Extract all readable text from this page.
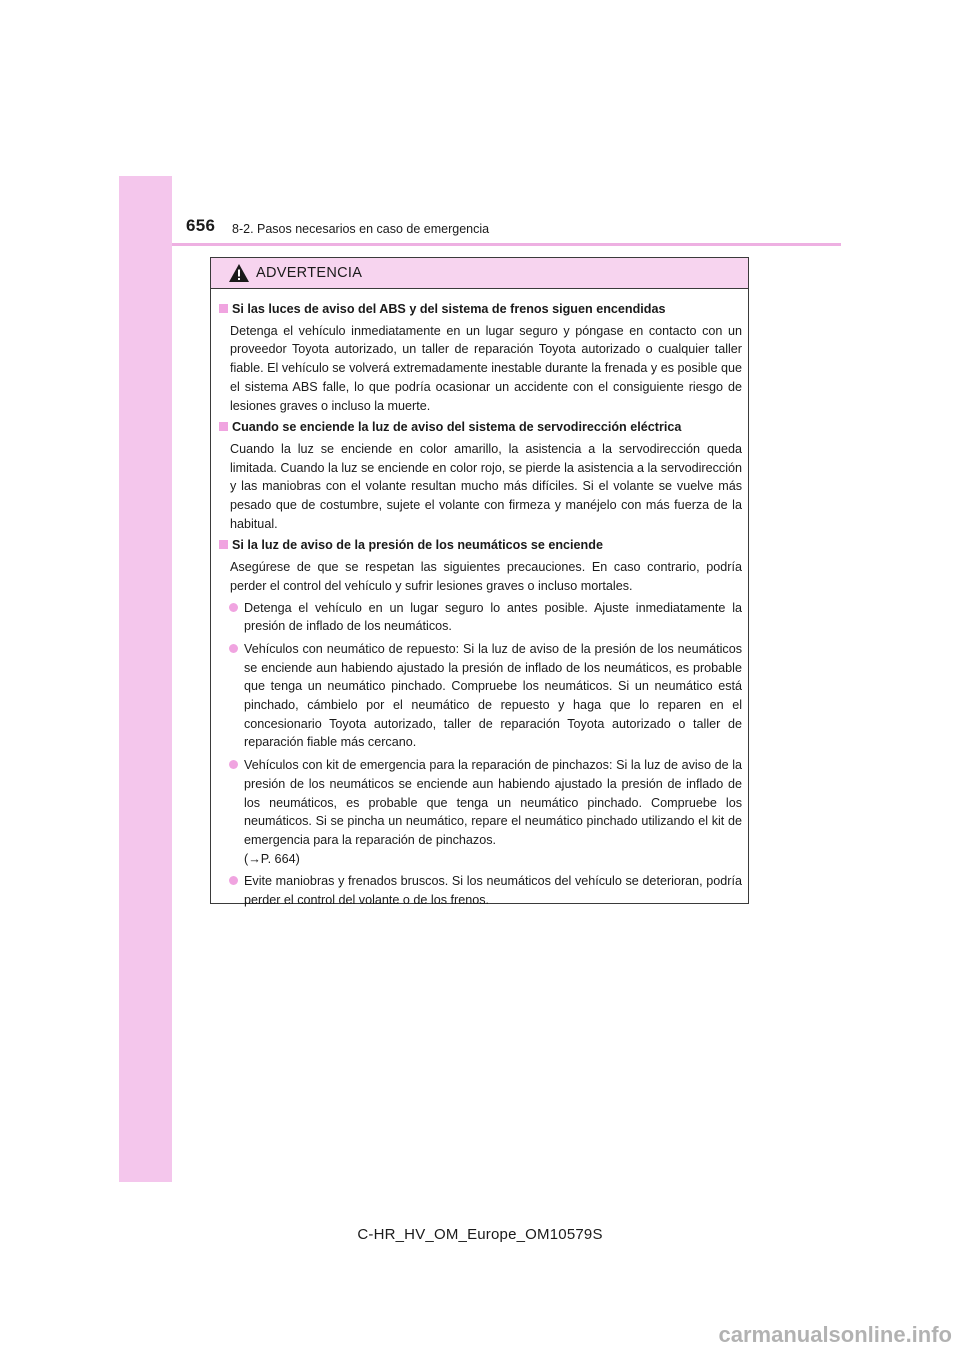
656 8-2. Pasos necesarios en caso de emergencia
ADVERTENCIA
Si las luces de aviso del ABS y del sistema de frenos siguen encendidas
Detenga el vehículo inmediatamente en un lugar seguro y póngase en contacto con un proveedor Toyota autorizado, un taller de reparación Toyota autorizado o cualquier taller fiable. El vehículo se volverá extremadamente inestable durante la frenada y es posible que el sistema ABS falle, lo que podría ocasionar un accidente con el consiguiente riesgo de lesiones graves o incluso la muerte.
Cuando se enciende la luz de aviso del sistema de servodirección eléctrica
Cuando la luz se enciende en color amarillo, la asistencia a la servodirección queda limitada. Cuando la luz se enciende en color rojo, se pierde la asistencia a la servodirección y las maniobras con el volante resultan mucho más difíciles. Si el volante se vuelve más pesado que de costumbre, sujete el volante con firmeza y manéjelo con más fuerza de la habitual.
Si la luz de aviso de la presión de los neumáticos se enciende
Asegúrese de que se respetan las siguientes precauciones. En caso contrario, podría perder el control del vehículo y sufrir lesiones graves o incluso mortales.
Detenga el vehículo en un lugar seguro lo antes posible. Ajuste inmediatamente la presión de inflado de los neumáticos.
Vehículos con neumático de repuesto: Si la luz de aviso de la presión de los neumáticos se enciende aun habiendo ajustado la presión de inflado de los neumáticos, es probable que tenga un neumático pinchado. Compruebe los neumáticos. Si un neumático está pinchado, cámbielo por el neumático de repuesto y haga que lo reparen en el concesionario Toyota autorizado, taller de reparación Toyota autorizado o taller de reparación fiable más cercano.
Vehículos con kit de emergencia para la reparación de pinchazos: Si la luz de aviso de la presión de los neumáticos se enciende aun habiendo ajustado la presión de inflado de los neumáticos, es probable que tenga un neumático pinchado. Compruebe los neumáticos. Si se pincha un neumático, repare el neumático pinchado utilizando el kit de emergencia para la reparación de pinchazos.
(→P. 664)
Evite maniobras y frenados bruscos. Si los neumáticos del vehículo se deterioran, podría perder el control del volante o de los frenos.
C-HR_HV_OM_Europe_OM10579S
carmanualsonline.info
